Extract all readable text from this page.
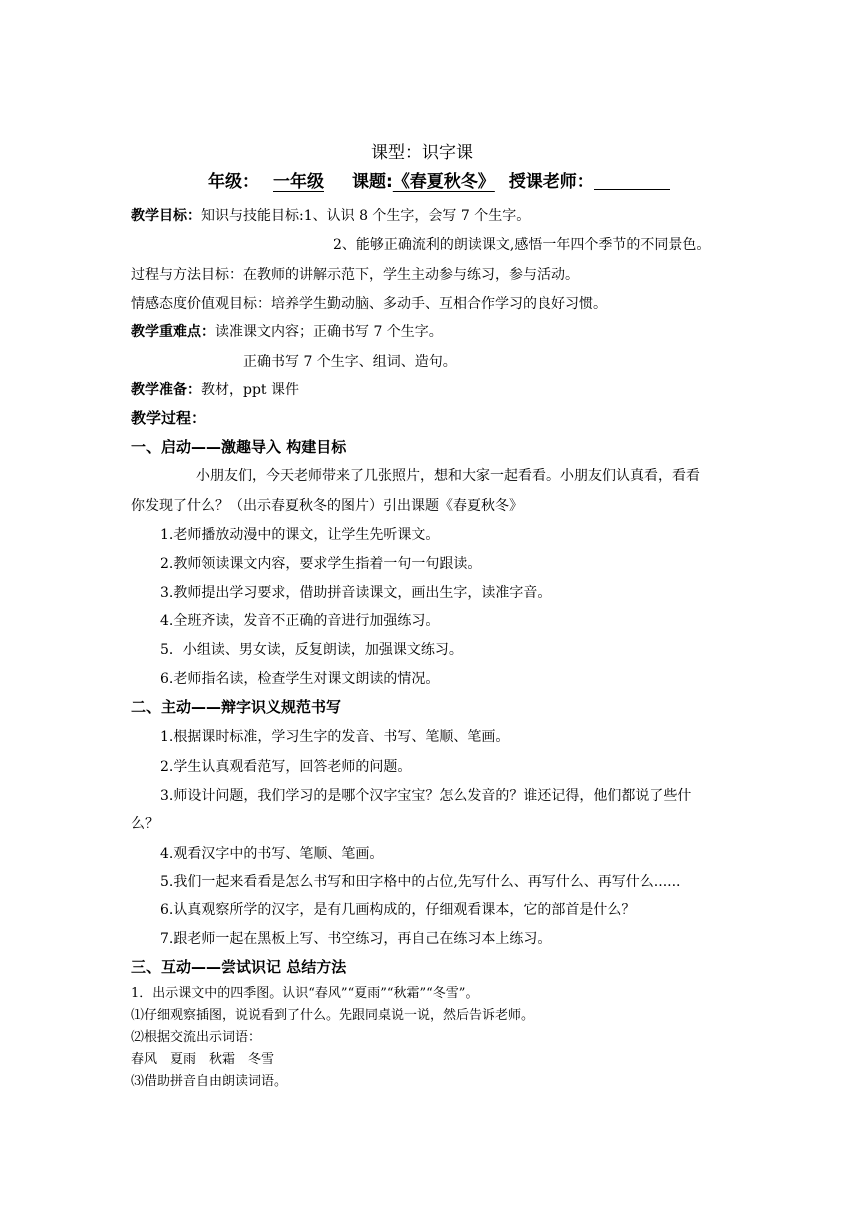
课型：识字课
年级： 一年级 课题:《春夏秋冬》 授课老师：
教学目标：知识与技能目标:1、认识 8 个生字，会写 7 个生字。
2、能够正确流利的朗读课文,感悟一年四个季节的不同景色。
过程与方法目标：在教师的讲解示范下，学生主动参与练习，参与活动。
情感态度价值观目标：培养学生勤动脑、多动手、互相合作学习的良好习惯。
教学重难点：读准课文内容；正确书写 7 个生字。
正确书写 7 个生字、组词、造句。
教学准备：教材，ppt 课件
教学过程：
一、启动——激趣导入 构建目标
小朋友们，今天老师带来了几张照片，想和大家一起看看。小朋友们认真看，看看
你发现了什么？（出示春夏秋冬的图片）引出课题《春夏秋冬》
1.老师播放动漫中的课文，让学生先听课文。
2.教师领读课文内容，要求学生指着一句一句跟读。
3.教师提出学习要求，借助拼音读课文，画出生字，读准字音。
4.全班齐读，发音不正确的音进行加强练习。
5．小组读、男女读，反复朗读，加强课文练习。
6.老师指名读，检查学生对课文朗读的情况。
二、主动——辩字识义规范书写
1.根据课时标准，学习生字的发音、书写、笔顺、笔画。
2.学生认真观看范写，回答老师的问题。
3.师设计问题，我们学习的是哪个汉字宝宝？怎么发音的？谁还记得，他们都说了些什
么？
4.观看汉字中的书写、笔顺、笔画。
5.我们一起来看看是怎么书写和田字格中的占位,先写什么、再写什么、再写什么......
6.认真观察所学的汉字，是有几画构成的，仔细观看课本，它的部首是什么？
7.跟老师一起在黑板上写、书空练习，再自己在练习本上练习。
三、互动——尝试识记 总结方法
1．出示课文中的四季图。认识“春风”“夏雨”“秋霜”“冬雪”。
⑴仔细观察插图，说说看到了什么。先跟同桌说一说，然后告诉老师。
⑵根据交流出示词语：
春风　夏雨　秋霜　冬雪
⑶借助拼音自由朗读词语。
